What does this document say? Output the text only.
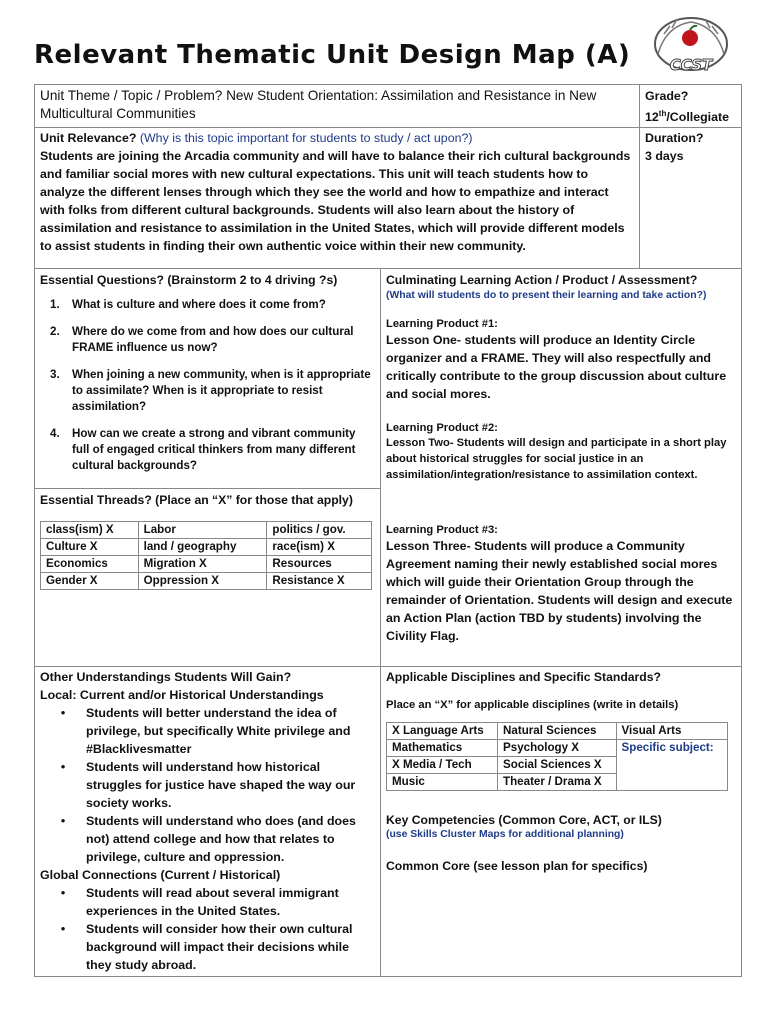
Relevant Thematic Unit Design Map (A)	CCST
Unit Theme / Topic / Problem? New Student Orientation: Assimilation and Resistance in New Multicultural Communities
Grade?
12th/Collegiate
Unit Relevance? (Why is this topic important for students to study / act upon?)
Students are joining the Arcadia community and will have to balance their rich cultural backgrounds and familiar social mores with new cultural expectations. This unit will teach students how to analyze the different lenses through which they see the world and how to empathize and interact with folks from different cultural backgrounds. Students will also learn about the history of assimilation and resistance to assimilation in the United States, which will provide different models to assist students in finding their own authentic voice within their new community.
Duration?
3 days
Essential Questions? (Brainstorm 2 to 4 driving ?s)
1.	What is culture and where does it come from?
2.	Where do we come from and how does our cultural FRAME influence us now?
3.	When joining a new community, when is it appropriate to assimilate? When is it appropriate to resist assimilation?
4.	How can we create a strong and vibrant community full of engaged critical thinkers from many different cultural backgrounds?
Essential Threads? (Place an “X” for those that apply)
class(ism) X	Labor	politics / gov.
Culture X	land / geography	race(ism) X
Economics	Migration X	Resources
Gender X	Oppression X	Resistance X
Culminating Learning Action / Product / Assessment?
(What will students do to present their learning and take action?)
Learning Product #1:
Lesson One- students will produce an Identity Circle organizer and a FRAME. They will also respectfully and critically contribute to the group discussion about culture and social mores.
Learning Product #2:
Lesson Two- Students will design and participate in a short play about historical struggles for social justice in an assimilation/integration/resistance to assimilation context.
Learning Product #3:
Lesson Three- Students will produce a Community Agreement naming their newly established social mores which will guide their Orientation Group through the remainder of Orientation. Students will design and execute an Action Plan (action TBD by students) involving the Civility Flag.
Other Understandings Students Will Gain?
Local: Current and/or Historical Understandings
•	Students will better understand the idea of privilege, but specifically White privilege and #Blacklivesmatter
•	Students will understand how historical struggles for justice have shaped the way our society works.
•	Students will understand who does (and does not) attend college and how that relates to privilege, culture and oppression.
Global Connections (Current / Historical)
•	Students will read about several immigrant experiences in the United States.
•	Students will consider how their own cultural background will impact their decisions while they study abroad.
Applicable Disciplines and Specific Standards?
Place an “X” for applicable disciplines (write in details)
X Language Arts	Natural Sciences	Visual Arts
Mathematics	Psychology X	Specific subject:
X Media / Tech	Social Sciences X	
Music	Theater / Drama X	
Key Competencies (Common Core, ACT, or ILS)
(use Skills Cluster Maps for additional planning)
Common Core (see lesson plan for specifics)
